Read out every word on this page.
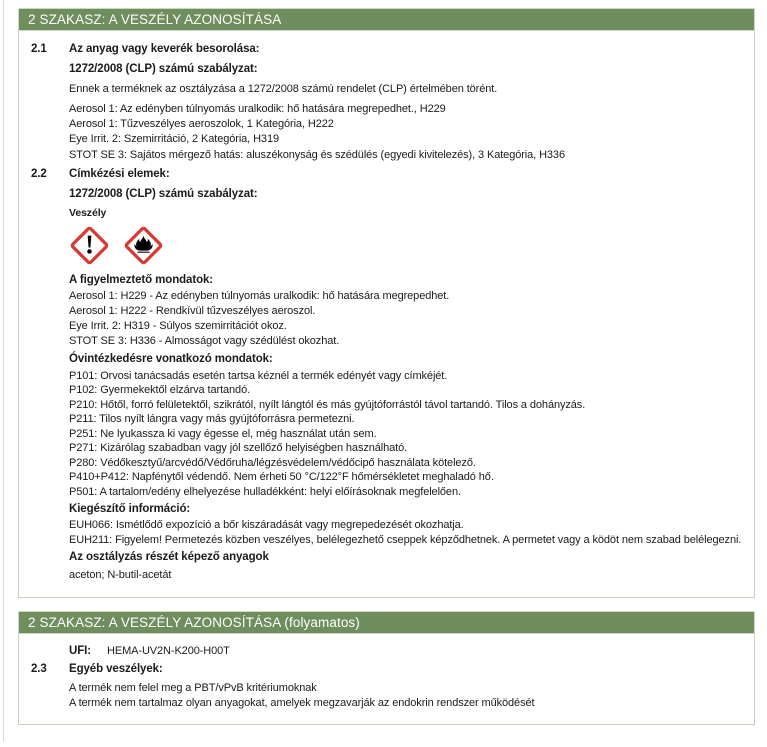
2 SZAKASZ: A VESZÉLY AZONOSÍTÁSA
2.1	Az anyag vagy keverék besorolása:
1272/2008 (CLP) számú szabályzat:
Ennek a terméknek az osztályzása a 1272/2008 számú rendelet (CLP) értelmében törént.
Aerosol 1: Az edényben túlnyomás uralkodik: hő hatására megrepedhet., H229
Aerosol 1: Tűzveszélyes aeroszolok, 1 Kategória, H222
Eye Irrit. 2: Szemirritáció, 2 Kategória, H319
STOT SE 3: Sajátos mérgező hatás: aluszékonyság és szédülés (egyedi kivitelezés), 3 Kategória, H336
2.2	Címkézési elemek:
1272/2008 (CLP) számú szabályzat:
Veszély
A figyelmeztető mondatok:
Aerosol 1: H229 - Az edényben túlnyomás uralkodik: hő hatására megrepedhet.
Aerosol 1: H222 - Rendkívül tűzveszélyes aeroszol.
Eye Irrit. 2: H319 - Súlyos szemirritációt okoz.
STOT SE 3: H336 - Almosságot vagy szédülést okozhat.
Óvintézkedésre vonatkozó mondatok:
P101: Orvosi tanácsadás esetén tartsa kéznél a termék edényét vagy címkéjét.
P102: Gyermekektől elzárva tartandó.
P210: Hőtől, forró felületektől, szikrától, nyílt lángtól és más gyújtóforrástól távol tartandó. Tilos a dohányzás.
P211: Tilos nyílt lángra vagy más gyújtóforrásra permetezni.
P251: Ne lyukassza ki vagy égesse el, még használat után sem.
P271: Kizárólag szabadban vagy jól szellőző helyiségben használható.
P280: Védőkesztyű/arcvédő/Védőruha/légzésvédelem/védőcipő használata kötelező.
P410+P412: Napfénytől védendő. Nem érheti 50 °C/122°F hőmérsékletet meghaladó hő.
P501: A tartalom/edény elhelyezése hulladékként: helyi előírásoknak megfelelően.
Kiegészítő információ:
EUH066: Ismétlődő expozíció a bőr kiszáradását vagy megrepedezését okozhatja.
EUH211: Figyelem! Permetezés közben veszélyes, belélegezhető cseppek képződhetnek. A permetet vagy a ködöt nem szabad belélegezni.
Az osztályzás részét képező anyagok
aceton; N-butil-acetát
2 SZAKASZ: A VESZÉLY AZONOSÍTÁSA (folyamatos)
UFI:	HEMA-UV2N-K200-H00T
2.3	Egyéb veszélyek:
A termék nem felel meg a PBT/vPvB kritériumoknak
A termék nem tartalmaz olyan anyagokat, amelyek megzavarják az endokrin rendszer működését
